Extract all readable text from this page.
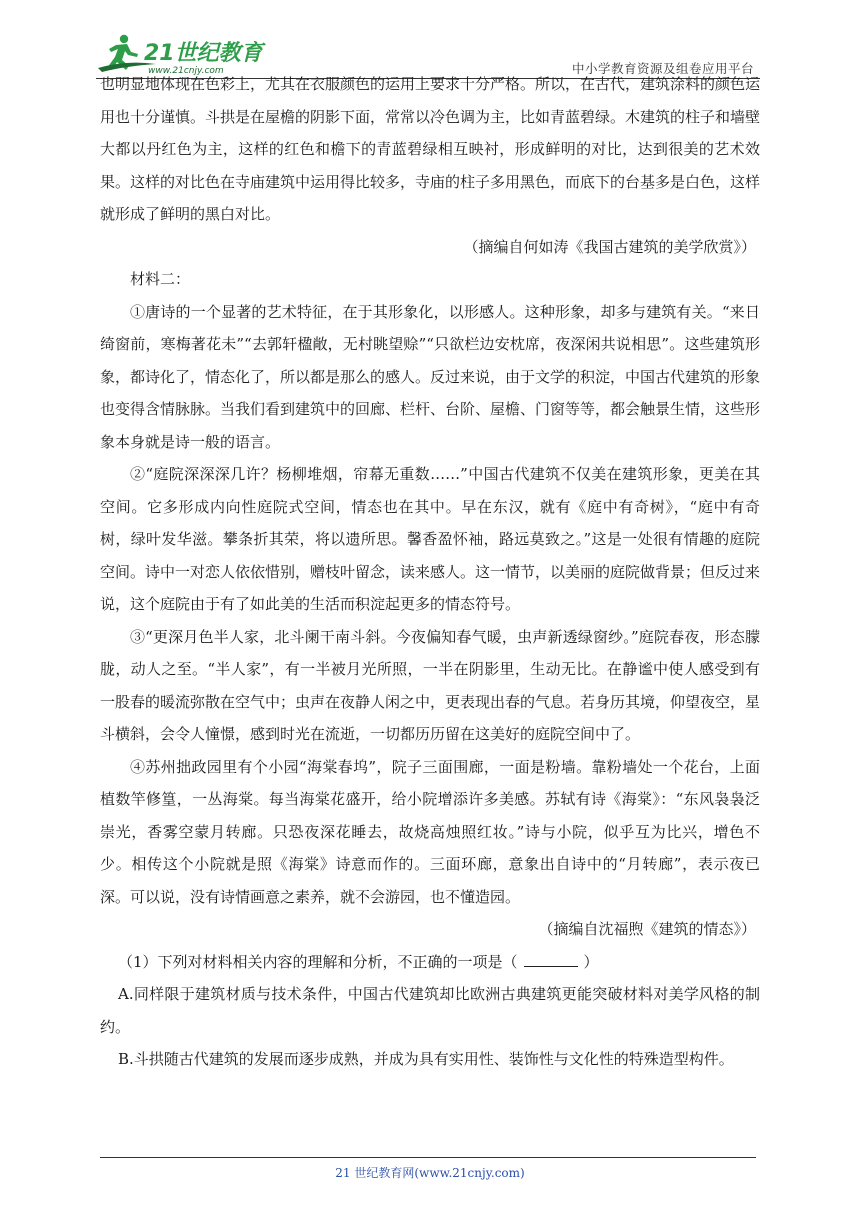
21世纪教育
www.21cnjy.com	中小学教育资源及组卷应用平台

也明显地体现在色彩上，尤其在衣服颜色的运用上要求十分严格。所以，在古代，建筑涂料的颜色运用也十分谨慎。斗拱是在屋檐的阴影下面，常常以冷色调为主，比如青蓝碧绿。木建筑的柱子和墙壁大都以丹红色为主，这样的红色和檐下的青蓝碧绿相互映衬，形成鲜明的对比，达到很美的艺术效果。这样的对比色在寺庙建筑中运用得比较多，寺庙的柱子多用黑色，而底下的台基多是白色，这样就形成了鲜明的黑白对比。

（摘编自何如涛《我国古建筑的美学欣赏》）

材料二：

①唐诗的一个显著的艺术特征，在于其形象化，以形感人。这种形象，却多与建筑有关。“来日绮窗前，寒梅著花未”“去郭轩楹敞，无村眺望赊”“只欲栏边安枕席，夜深闲共说相思”。这些建筑形象，都诗化了，情态化了，所以都是那么的感人。反过来说，由于文学的积淀，中国古代建筑的形象也变得含情脉脉。当我们看到建筑中的回廊、栏杆、台阶、屋檐、门窗等等，都会触景生情，这些形象本身就是诗一般的语言。

②“庭院深深深几许？杨柳堆烟，帘幕无重数……”中国古代建筑不仅美在建筑形象，更美在其空间。它多形成内向性庭院式空间，情态也在其中。早在东汉，就有《庭中有奇树》，“庭中有奇树，绿叶发华滋。攀条折其荣，将以遗所思。馨香盈怀袖，路远莫致之。”这是一处很有情趣的庭院空间。诗中一对恋人依依惜别，赠枝叶留念，读来感人。这一情节，以美丽的庭院做背景；但反过来说，这个庭院由于有了如此美的生活而积淀起更多的情态符号。

③“更深月色半人家，北斗阑干南斗斜。今夜偏知春气暖，虫声新透绿窗纱。”庭院春夜，形态朦胧，动人之至。“半人家”，有一半被月光所照，一半在阴影里，生动无比。在静谧中使人感受到有一股春的暖流弥散在空气中；虫声在夜静人闲之中，更表现出春的气息。若身历其境，仰望夜空，星斗横斜，会令人憧憬，感到时光在流逝，一切都历历留在这美好的庭院空间中了。

④苏州拙政园里有个小园“海棠春坞”，院子三面围廊，一面是粉墙。靠粉墙处一个花台，上面植数竿修篁，一丛海棠。每当海棠花盛开，给小院增添许多美感。苏轼有诗《海棠》：“东风袅袅泛崇光，香雾空蒙月转廊。只恐夜深花睡去，故烧高烛照红妆。”诗与小院，似乎互为比兴，增色不少。相传这个小院就是照《海棠》诗意而作的。三面环廊，意象出自诗中的“月转廊”，表示夜已深。可以说，没有诗情画意之素养，就不会游园，也不懂造园。

（摘编自沈福煦《建筑的情态》）

（1）下列对材料相关内容的理解和分析，不正确的一项是（	）

A.同样限于建筑材质与技术条件，中国古代建筑却比欧洲古典建筑更能突破材料对美学风格的制约。

B.斗拱随古代建筑的发展而逐步成熟，并成为具有实用性、装饰性与文化性的特殊造型构件。

21 世纪教育网(www.21cnjy.com)
